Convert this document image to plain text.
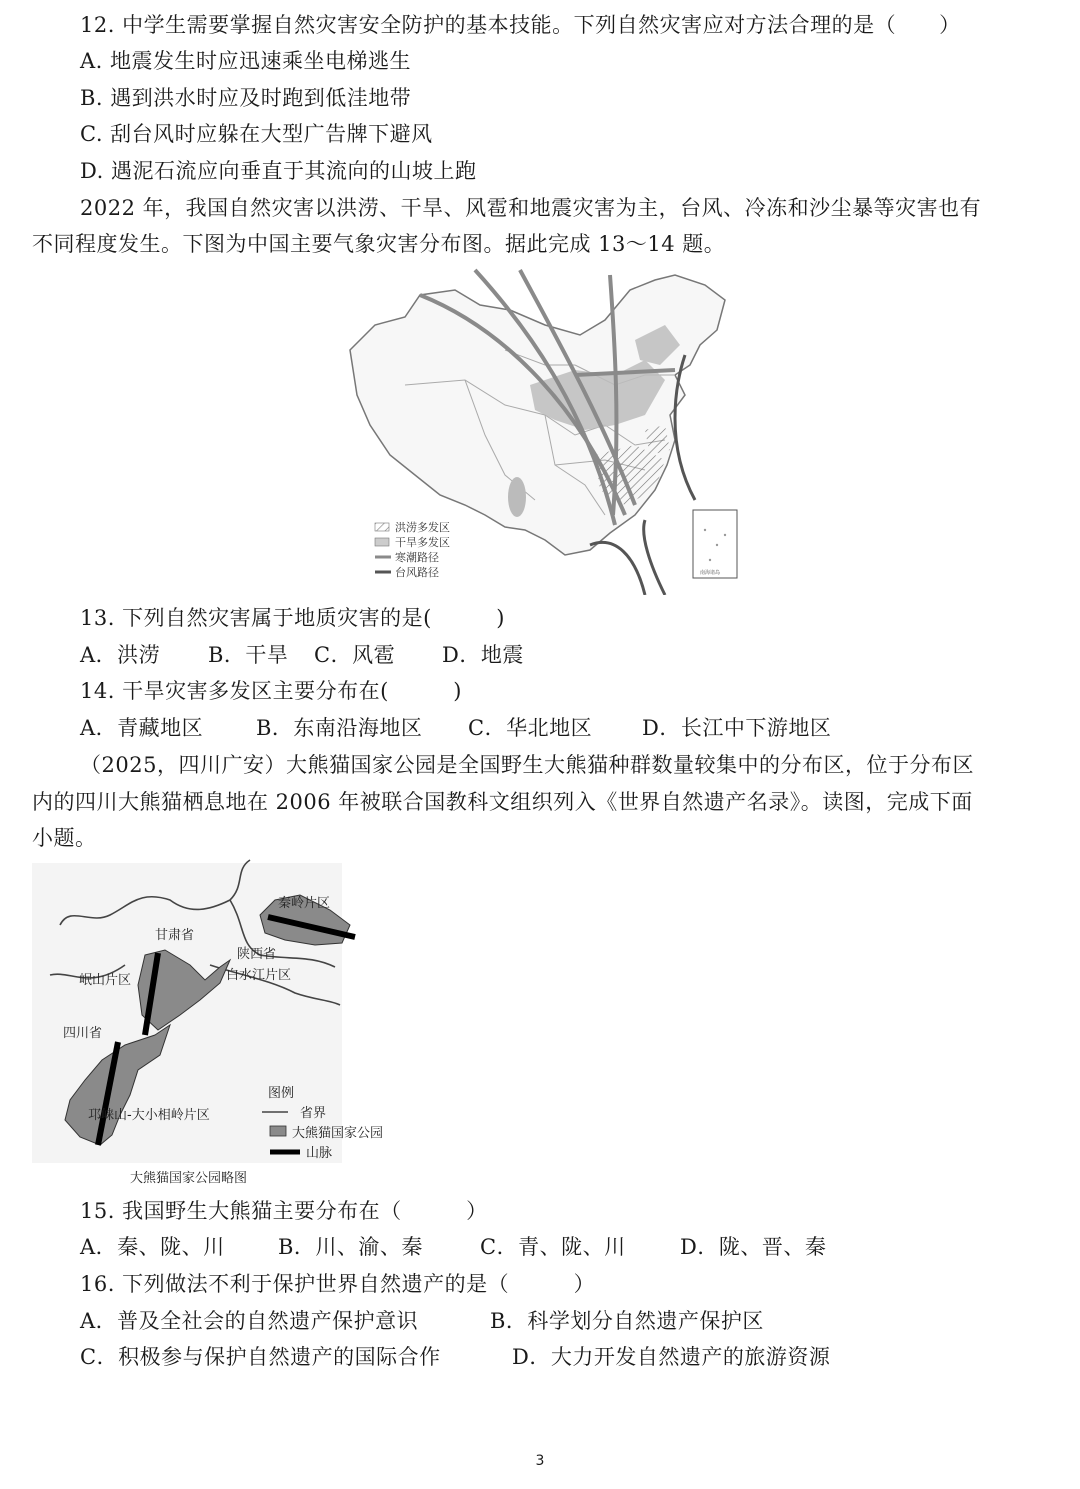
12. 中学生需要掌握自然灾害安全防护的基本技能。下列自然灾害应对方法合理的是（　　）
A. 地震发生时应迅速乘坐电梯逃生
B. 遇到洪水时应及时跑到低洼地带
C. 刮台风时应躲在大型广告牌下避风
D. 遇泥石流应向垂直于其流向的山坡上跑
2022 年，我国自然灾害以洪涝、干旱、风雹和地震灾害为主，台风、冷冻和沙尘暴等灾害也有
不同程度发生。下图为中国主要气象灾害分布图。据此完成 13～14 题。
南海诸岛
洪涝多发区
干旱多发区
寒潮路径
台风路径
13. 下列自然灾害属于地质灾害的是(　　　)
A．洪涝 B．干旱 C．风雹 D．地震
14. 干旱灾害多发区主要分布在(　　　)
A．青藏地区	B．东南沿海地区 C．华北地区 D．长江中下游地区
（2025，四川广安）大熊猫国家公园是全国野生大熊猫种群数量较集中的分布区，位于分布区
内的四川大熊猫栖息地在 2006 年被联合国教科文组织列入《世界自然遗产名录》。读图，完成下面
小题。
秦岭片区
甘肃省
陕西省
白水江片区
岷山片区
四川省
邛崃山-大小相岭片区
图例
省界
大熊猫国家公园
山脉
大熊猫国家公园略图
15. 我国野生大熊猫主要分布在（　　　）
A．秦、陇、川	B．川、渝、秦	C．青、陇、川	D．陇、晋、秦
16. 下列做法不利于保护世界自然遗产的是（　　　）
A．普及全社会的自然遗产保护意识	B．科学划分自然遗产保护区
C．积极参与保护自然遗产的国际合作	D．大力开发自然遗产的旅游资源
3
